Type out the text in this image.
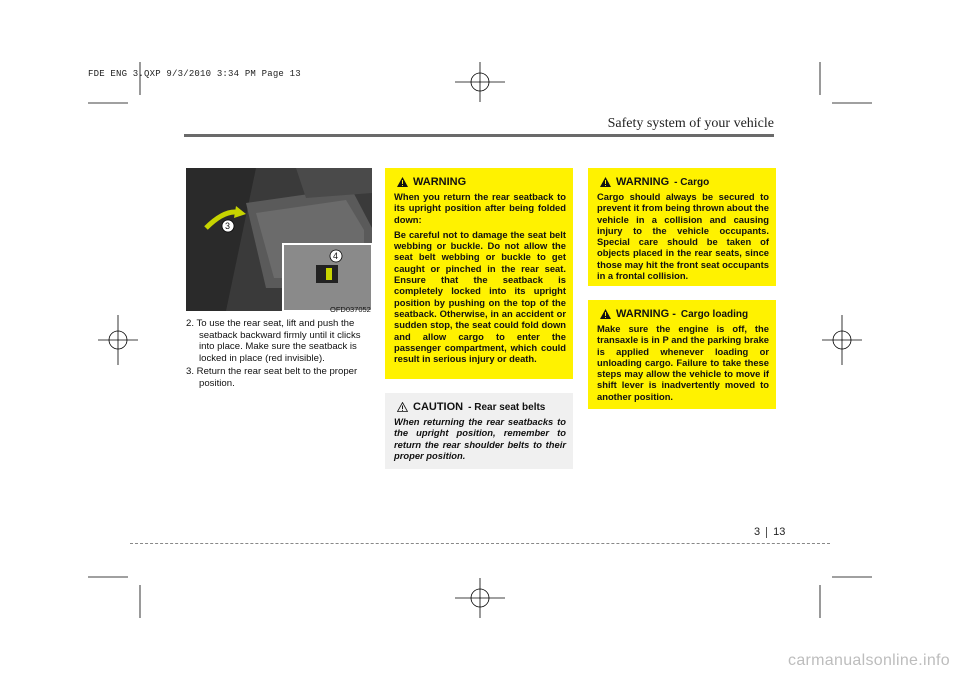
FDE ENG 3.QXP 9/3/2010 3:34 PM Page 13
Safety system of your vehicle
3
4
OFD037052
2. To use the rear seat, lift and push the seatback backward firmly until it clicks into place. Make sure the seatback is locked in place (red invisible).
3. Return the rear seat belt to the proper position.
WARNING

When you return the rear seatback to its upright position after being folded down:

Be careful not to damage the seat belt webbing or buckle. Do not allow the seat belt webbing or buckle to get caught or pinched in the rear seat. Ensure that the seatback is completely locked into its upright position by pushing on the top of the seatback. Otherwise, in an accident or sudden stop, the seat could fold down and allow cargo to enter the passenger compartment, which could result in serious injury or death.

CAUTION - Rear seat belts
When returning the rear seatbacks to the upright position, remember to return the rear shoulder belts to their proper position.
WARNING - Cargo
Cargo should always be secured to prevent it from being thrown about the vehicle in a collision and causing injury to the vehicle occupants. Special care should be taken of objects placed in the rear seats, since those may hit the front seat occupants in a frontal collision.
WARNING - Cargo loading
Make sure the engine is off, the transaxle is in P and the parking brake is applied whenever loading or unloading cargo. Failure to take these steps may allow the vehicle to move if shift lever is inadvertently moved to another position.
3 13
carmanualsonline.info
